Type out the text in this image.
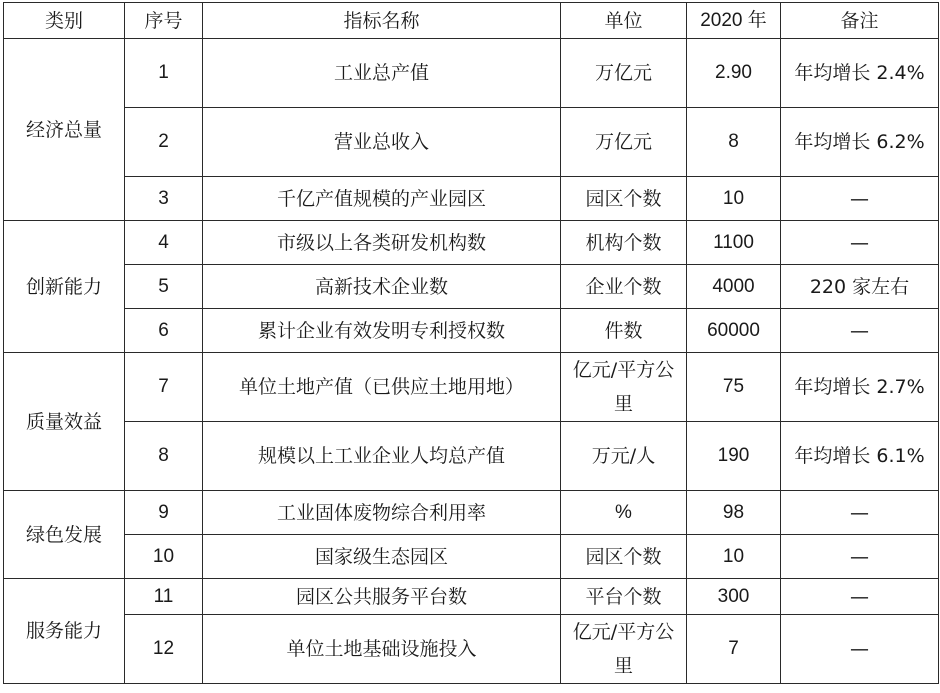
类别	序号	指标名称	单位	2020 年	备注
经济总量	1	工业总产值	万亿元	2.90	年均增长 2.4%
	2	营业总收入	万亿元	8	年均增长 6.2%
	3	千亿产值规模的产业园区	园区个数	10	—
创新能力	4	市级以上各类研发机构数	机构个数	1100	—
	5	高新技术企业数	企业个数	4000	220 家左右
	6	累计企业有效发明专利授权数	件数	60000	—
质量效益	7	单位土地产值（已供应土地用地）	亿元/平方公里	75	年均增长 2.7%
	8	规模以上工业企业人均总产值	万元/人	190	年均增长 6.1%
绿色发展	9	工业固体废物综合利用率	%	98	—
	10	国家级生态园区	园区个数	10	—
服务能力	11	园区公共服务平台数	平台个数	300	—
	12	单位土地基础设施投入	亿元/平方公里	7	—
